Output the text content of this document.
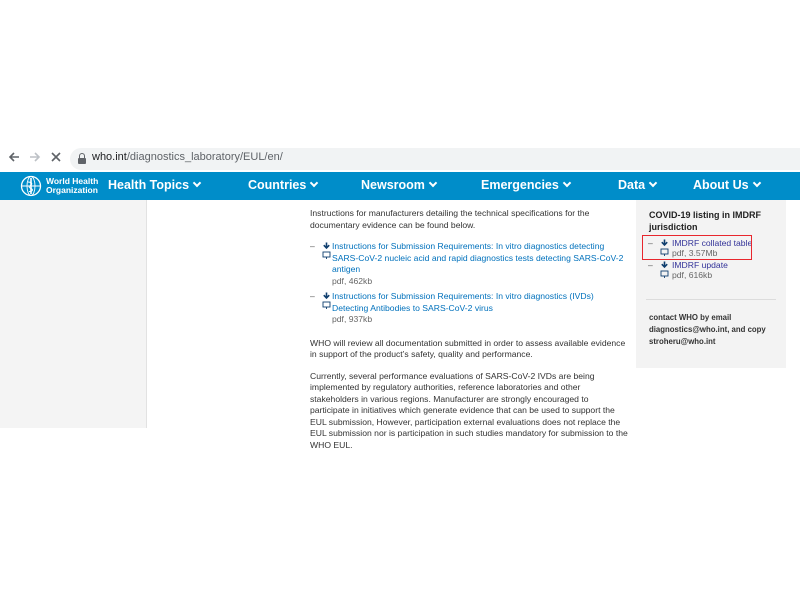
who.int/diagnostics_laboratory/EUL/en/
World Health
Organization Health Topics	Countries	Newsroom	Emergencies	Data	About Us

Instructions for manufacturers detailing the technical specifications for the documentary evidence can be found below.

–	Instructions for Submission Requirements: In vitro diagnostics detecting SARS-CoV-2 nucleic acid and rapid diagnostics tests detecting SARS-CoV-2 antigen
pdf, 462kb
–	Instructions for Submission Requirements: In vitro diagnostics (IVDs) Detecting Antibodies to SARS-CoV-2 virus
pdf, 937kb

WHO will review all documentation submitted in order to assess available evidence in support of the product’s safety, quality and performance.

Currently, several performance evaluations of SARS-CoV-2 IVDs are being implemented by regulatory authorities, reference laboratories and other stakeholders in various regions. Manufacturer are strongly encouraged to participate in initiatives which generate evidence that can be used to support the EUL submission, However, participation external evaluations does not replace the EUL submission nor is participation in such studies mandatory for submission to the WHO EUL.

COVID-19 listing in IMDRF jurisdiction
– IMDRF collated table
pdf, 3.57Mb
– IMDRF update
pdf, 616kb
contact WHO by email diagnostics@who.int, and copy stroheru@who.int
